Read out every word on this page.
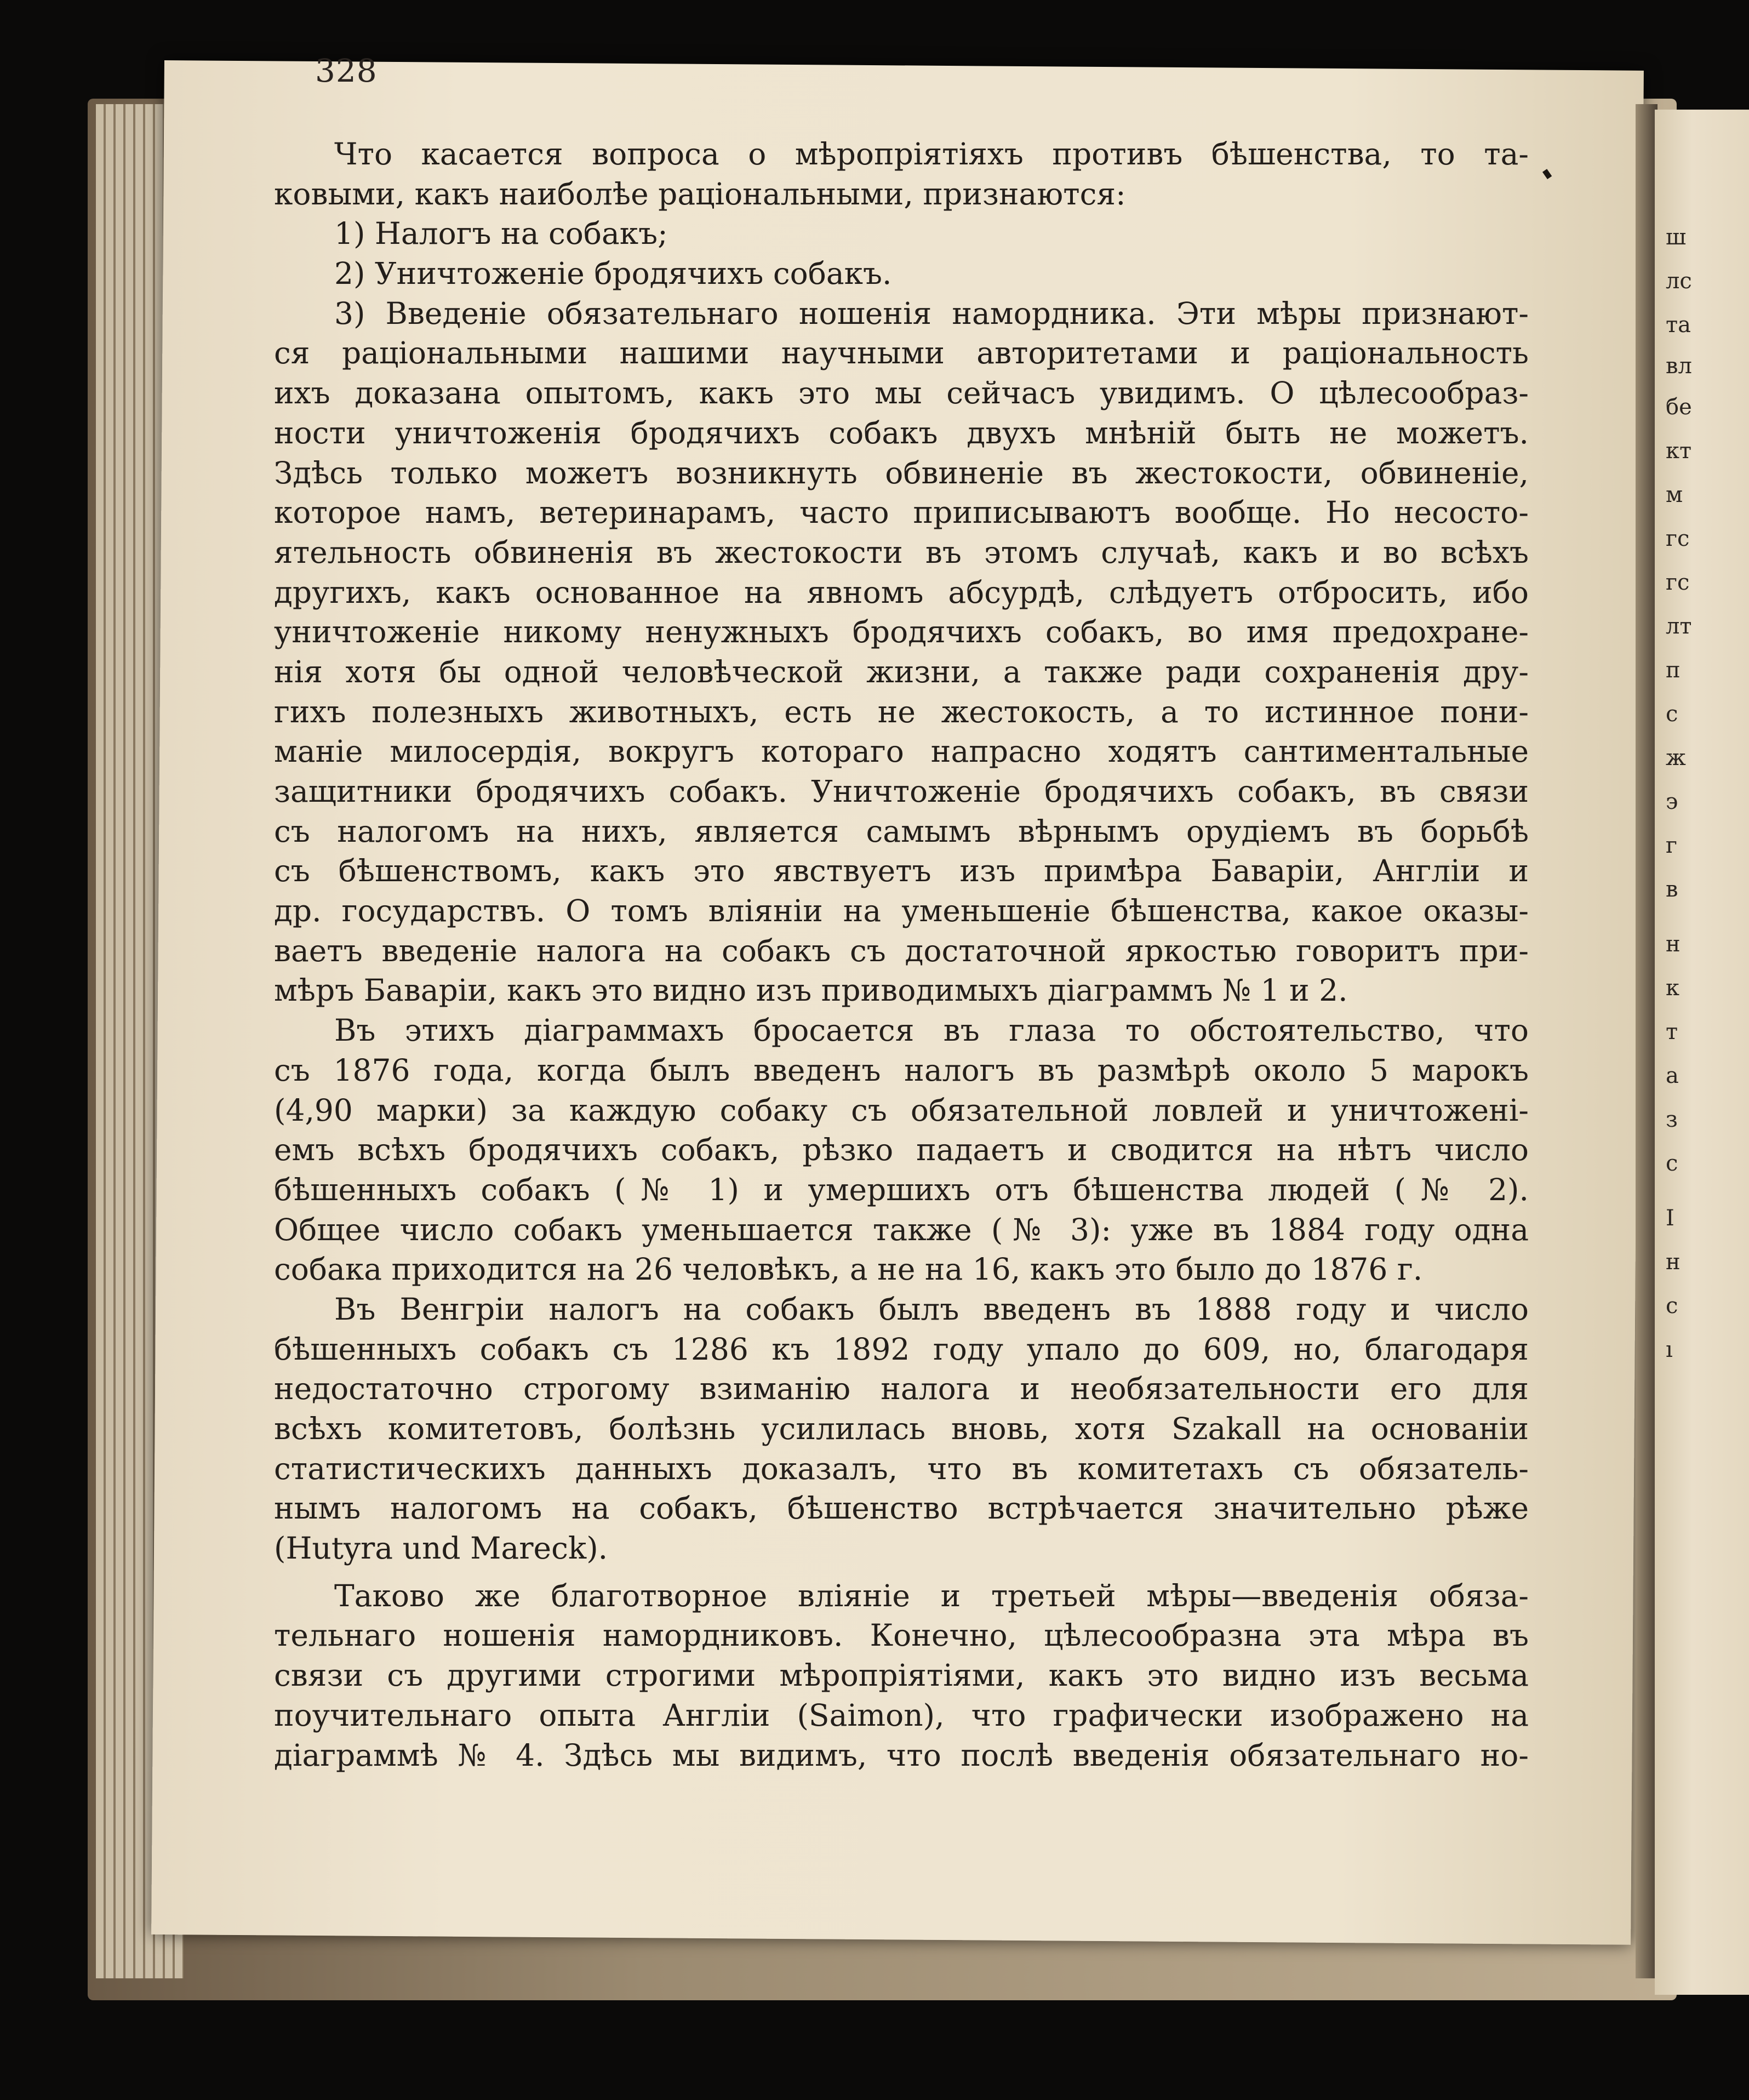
ш
лс
та
вл
бе
кт
м
гс
гс
лт
п
с
ж
э
г
в
н
к
т
а
з
с
І
н
с
ı
328
Что касается вопроса о мѣропріятіяхъ противъ бѣшенства, то та-
ковыми, какъ наиболѣе раціональными, признаются:
1) Налогъ на собакъ;
2) Уничтоженіе бродячихъ собакъ.
3) Введеніе обязательнаго ношенія намордника. Эти мѣры признают-
ся раціональными нашими научными авторитетами и раціональность
ихъ доказана опытомъ, какъ это мы сейчасъ увидимъ. О цѣлесообраз-
ности уничтоженія бродячихъ собакъ двухъ мнѣній быть не можетъ.
Здѣсь только можетъ возникнуть обвиненіе въ жестокости, обвиненіе,
которое намъ, ветеринарамъ, часто приписываютъ вообще. Но несосто-
ятельность обвиненія въ жестокости въ этомъ случаѣ, какъ и во всѣхъ
другихъ, какъ основанное на явномъ абсурдѣ, слѣдуетъ отбросить, ибо
уничтоженіе никому ненужныхъ бродячихъ собакъ, во имя предохране-
нія хотя бы одной человѣческой жизни, а также ради сохраненія дру-
гихъ полезныхъ животныхъ, есть не жестокость, а то истинное пони-
маніе милосердія, вокругъ котораго напрасно ходятъ сантиментальные
защитники бродячихъ собакъ. Уничтоженіе бродячихъ собакъ, въ связи
съ налогомъ на нихъ, является самымъ вѣрнымъ орудіемъ въ борьбѣ
съ бѣшенствомъ, какъ это явствуетъ изъ примѣра Баваріи, Англіи и
др. государствъ. О томъ вліяніи на уменьшеніе бѣшенства, какое оказы-
ваетъ введеніе налога на собакъ съ достаточной яркостью говоритъ при-
мѣръ Баваріи, какъ это видно изъ приводимыхъ діаграммъ № 1 и 2.
Въ этихъ діаграммахъ бросается въ глаза то обстоятельство, что
съ 1876 года, когда былъ введенъ налогъ въ размѣрѣ около 5 марокъ
(4,90 марки) за каждую собаку съ обязательной ловлей и уничтоженi-
емъ всѣхъ бродячихъ собакъ, рѣзко падаетъ и сводится на нѣтъ число
бѣшенныхъ собакъ (№ 1) и умершихъ отъ бѣшенства людей (№ 2).
Общее число собакъ уменьшается также (№ 3): уже въ 1884 году одна
собака приходится на 26 человѣкъ, а не на 16, какъ это было до 1876 г.
Въ Венгріи налогъ на собакъ былъ введенъ въ 1888 году и число
бѣшенныхъ собакъ съ 1286 къ 1892 году упало до 609, но, благодаря
недостаточно строгому взиманію налога и необязательности его для
всѣхъ комитетовъ, болѣзнь усилилась вновь, хотя Szakall на основаніи
статистическихъ данныхъ доказалъ, что въ комитетахъ съ обязатель-
нымъ налогомъ на собакъ, бѣшенство встрѣчается значительно рѣже
(Hutyra und Mareck).
Таково же благотворное вліяніе и третьей мѣры—введенія обяза-
тельнаго ношенія намордниковъ. Конечно, цѣлесообразна эта мѣра въ
связи съ другими строгими мѣропріятіями, какъ это видно изъ весьма
поучительнаго опыта Англіи (Saimon), что графически изображено на
діаграммѣ № 4. Здѣсь мы видимъ, что послѣ введенія обязательнаго но-
